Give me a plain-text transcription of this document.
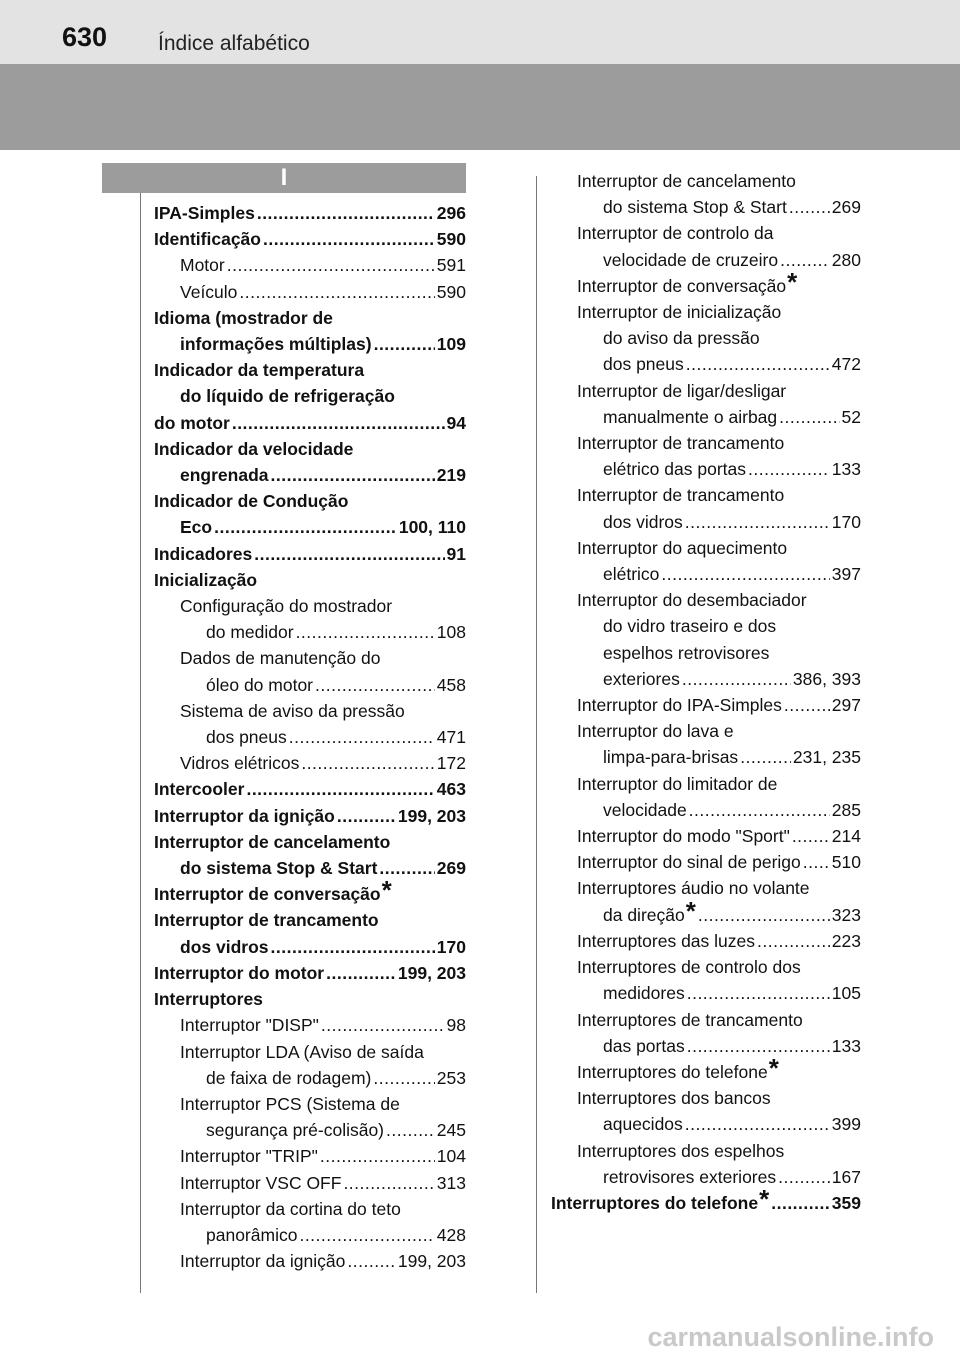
630 Índice alfabético
I
IPA-Simples .....	296
Identificação .....	590
Motor .....	591
Veículo .....	590
Idioma (mostrador de
informações múltiplas) .....	109
Indicador da temperatura
do líquido de refrigeração
do motor .....	94
Indicador da velocidade
engrenada .....	219
Indicador de Condução
Eco .....	100, 110
Indicadores .....	91
Inicialização
Configuração do mostrador
do medidor .....	108
Dados de manutenção do
óleo do motor .....	458
Sistema de aviso da pressão
dos pneus .....	471
Vidros elétricos .....	172
Intercooler .....	463
Interruptor da ignição .....	199, 203
Interruptor de cancelamento
do sistema Stop & Start .....	269
Interruptor de conversação*
Interruptor de trancamento
dos vidros .....	170
Interruptor do motor .....	199, 203
Interruptores
Interruptor "DISP" .....	98
Interruptor LDA (Aviso de saída
de faixa de rodagem) .....	253
Interruptor PCS (Sistema de
segurança pré-colisão) .....	245
Interruptor "TRIP" .....	104
Interruptor VSC OFF .....	313
Interruptor da cortina do teto
panorâmico .....	428
Interruptor da ignição .....	199, 203
Interruptor de cancelamento
do sistema Stop & Start .....	269
Interruptor de controlo da
velocidade de cruzeiro .....	280
Interruptor de conversação*
Interruptor de inicialização
do aviso da pressão
dos pneus .....	472
Interruptor de ligar/desligar
manualmente o airbag .....	52
Interruptor de trancamento
elétrico das portas .....	133
Interruptor de trancamento
dos vidros .....	170
Interruptor do aquecimento
elétrico .....	397
Interruptor do desembaciador
do vidro traseiro e dos
espelhos retrovisores
exteriores .....	386, 393
Interruptor do IPA-Simples .....	297
Interruptor do lava e
limpa-para-brisas .....	231, 235
Interruptor do limitador de
velocidade .....	285
Interruptor do modo "Sport" ..... 214
Interruptor do sinal de perigo ..... 510
Interruptores áudio no volante
da direção* .....	323
Interruptores das luzes .....	223
Interruptores de controlo dos
medidores .....	105
Interruptores de trancamento
das portas .....	133
Interruptores do telefone*
Interruptores dos bancos
aquecidos .....	399
Interruptores dos espelhos
retrovisores exteriores .....	167
Interruptores do telefone* .....	359
carmanualsonline.info
